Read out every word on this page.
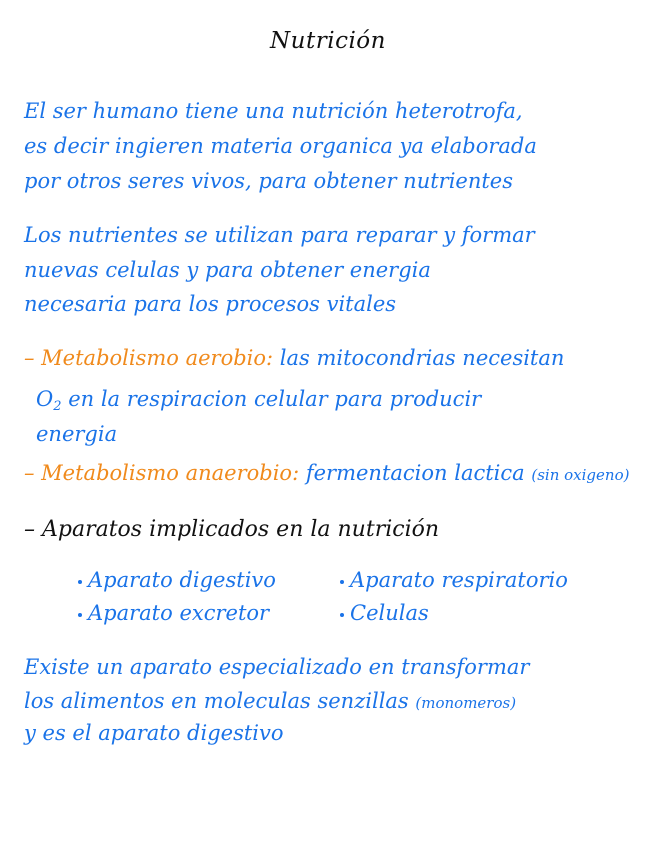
Nutrición
El ser humano tiene una nutrición heterotrofa,
es decir ingieren materia organica ya elaborada
por otros seres vivos, para obtener nutrientes
Los nutrientes se utilizan para reparar y formar
nuevas celulas y para obtener energia
necesaria para los procesos vitales
– Metabolismo aerobio: las mitocondrias necesitan
$O_2$ en la respiracion celular para producir
energia
– Metabolismo anaerobio: fermentacion lactica (sin oxigeno)
– Aparatos implicados en la nutrición
Aparato digestivo	Aparato respiratorio
Aparato excretor	Celulas
Existe un aparato especializado en transformar
los alimentos en moleculas senzillas (monomeros)
y es el aparato digestivo
